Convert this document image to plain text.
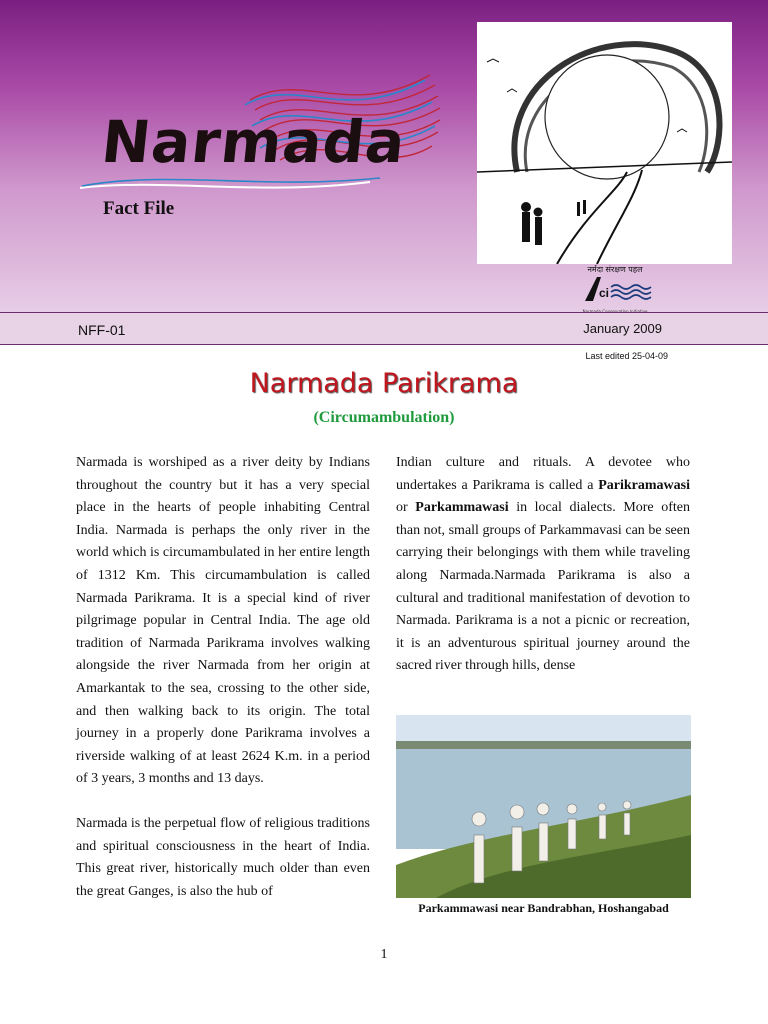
Narmada
Fact File
नर्मदा संरक्षण पहल
ci
Narmada Conservation Initiative
NFF-01	January 2009
Last edited 25-04-09
Narmada Parikrama
(Circumambulation)

Narmada is worshiped as a river deity by Indians throughout the country but it has a very special place in the hearts of people inhabiting Central India. Narmada is perhaps the only river in the world which is circumambulated in her entire length of 1312 Km. This circumambulation is called Narmada Parikrama. It is a special kind of river pilgrimage popular in Central India. The age old tradition of Narmada Parikrama involves walking alongside the river Narmada from her origin at Amarkantak to the sea, crossing to the other side, and then walking back to its origin. The total journey in a properly done Parikrama involves a riverside walking of at least 2624 K.m. in a period of 3 years, 3 months and 13 days.

Narmada is the perpetual flow of religious traditions and spiritual consciousness in the heart of India. This great river, historically much older than even the great Ganges, is also the hub of

Indian culture and rituals. A devotee who undertakes a Parikrama is called a Parikramawasi or Parkammawasi in local dialects. More often than not, small groups of Parkammavasi can be seen carrying their belongings with them while traveling along Narmada.Narmada Parikrama is also a cultural and traditional manifestation of devotion to Narmada. Parikrama is a not a picnic or recreation, it is an adventurous spiritual journey around the sacred river through hills, dense

Parkammawasi near Bandrabhan, Hoshangabad
1
